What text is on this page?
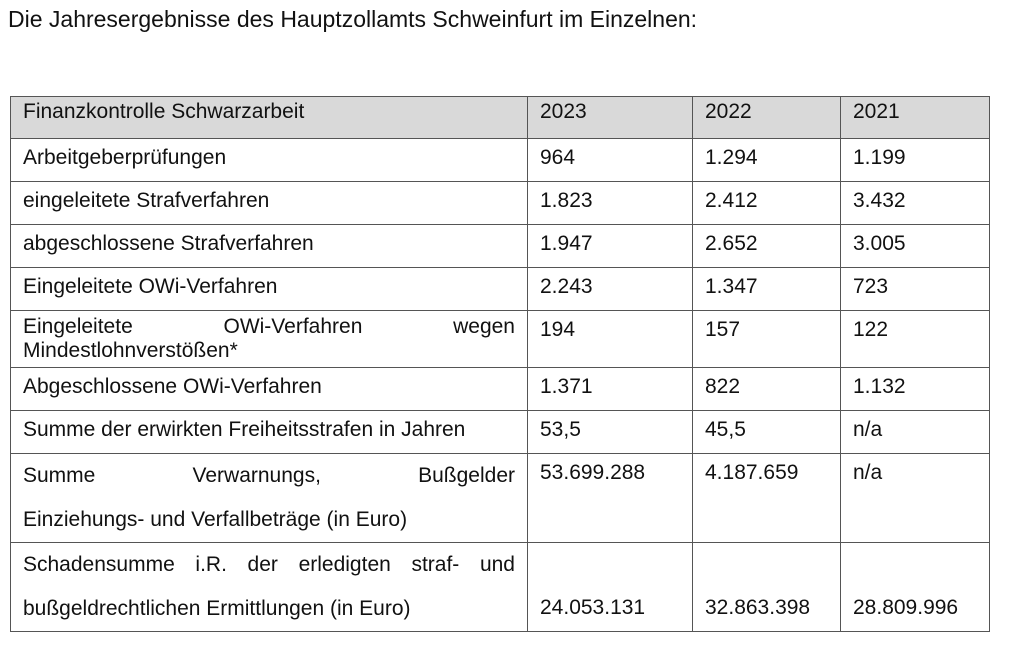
Die Jahresergebnisse des Hauptzollamts Schweinfurt im Einzelnen:
Finanzkontrolle Schwarzarbeit	2023	2022	2021
Arbeitgeberprüfungen	964	1.294	1.199
eingeleitete Strafverfahren	1.823	2.412	3.432
abgeschlossene Strafverfahren	1.947	2.652	3.005
Eingeleitete OWi-Verfahren	2.243	1.347	723

Eingeleitete OWi-Verfahren wegen
Mindestlohnverstößen*	194	157	122
Abgeschlossene OWi-Verfahren	1.371	822	1.132
Summe der erwirkten Freiheitsstrafen in Jahren	53,5	45,5	n/a

Summe Verwarnungs, Bußgelder
Einziehungs- und Verfallbeträge (in Euro)	53.699.288	4.187.659	n/a

Schadensumme i.R. der erledigten straf- und
bußgeldrechtlichen Ermittlungen (in Euro)	24.053.131	32.863.398	28.809.996
